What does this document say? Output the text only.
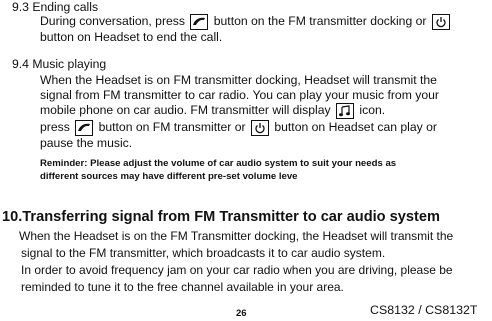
9.3 Ending calls
During conversation, press button on the FM transmitter docking or
button on Headset to end the call.
9.4 Music playing
When the Headset is on FM transmitter docking, Headset will transmit the
signal from FM transmitter to car radio. You can play your music from your
mobile phone on car audio. FM transmitter will display icon.
press button on FM transmitter or button on Headset can play or
pause the music.
Reminder: Please adjust the volume of car audio system to suit your needs as
different sources may have different pre-set volume leve
10.Transferring signal from FM Transmitter to car audio system
When the Headset is on the FM Transmitter docking, the Headset will transmit the
signal to the FM transmitter, which broadcasts it to car audio system.
In order to avoid frequency jam on your car radio when you are driving, please be
reminded to tune it to the free channel available in your area.
26	CS8132 / CS8132T
